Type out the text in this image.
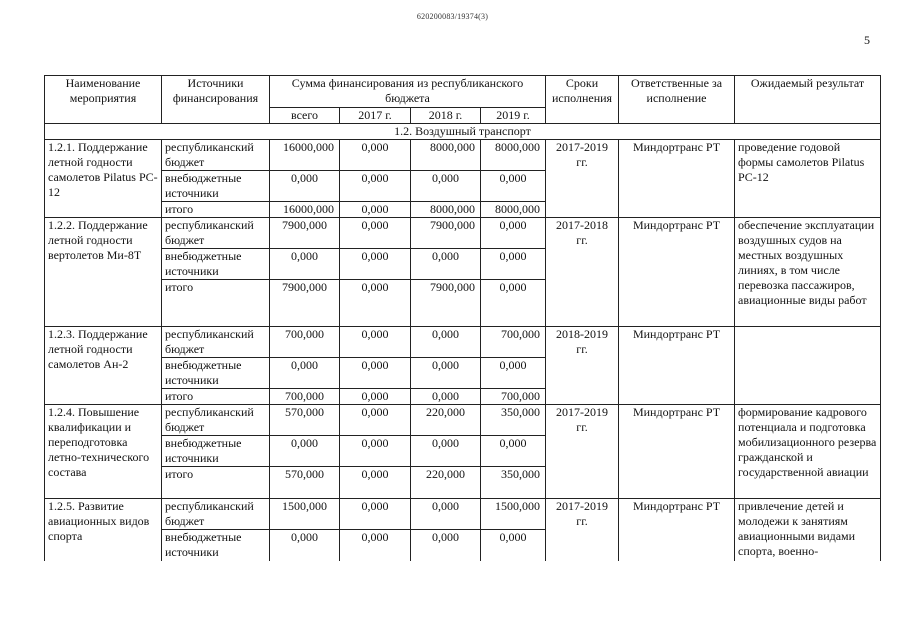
620200083/19374(3)
5
Наименование мероприятия	Источники финансирования	Сумма финансирования из республиканского бюджета				Сроки исполнения	Ответственные за исполнение	Ожидаемый результат
		всего	2017 г.	2018 г.	2019 г.			
1.2. Воздушный транспорт								
1.2.1. Поддержание летной годности самолетов Pilatus PC-12	республиканский бюджет	16000,000	0,000	8000,000	8000,000	2017-2019 гг.	Миндортранс РТ	проведение годовой формы самолетов Pilatus PC-12
	внебюджетные источники	0,000	0,000	0,000	0,000			
	итого	16000,000	0,000	8000,000	8000,000			
1.2.2. Поддержание летной годности вертолетов Ми-8Т	республиканский бюджет	7900,000	0,000	7900,000	0,000	2017-2018 гг.	Миндортранс РТ	обеспечение эксплуатации воздушных судов на местных воздушных линиях, в том числе перевозка пассажиров, авиационные виды работ
	внебюджетные источники	0,000	0,000	0,000	0,000			
	итого	7900,000	0,000	7900,000	0,000			
1.2.3. Поддержание летной годности самолетов Ан-2	республиканский бюджет	700,000	0,000	0,000	700,000	2018-2019 гг.	Миндортранс РТ	
	внебюджетные источники	0,000	0,000	0,000	0,000			
	итого	700,000	0,000	0,000	700,000			
1.2.4. Повышение квалификации и переподготовка летно-технического состава	республиканский бюджет	570,000	0,000	220,000	350,000	2017-2019 гг.	Миндортранс РТ	формирование кадрового потенциала и подготовка мобилизационного резерва гражданской и государственной авиации
	внебюджетные источники	0,000	0,000	0,000	0,000			
	итого	570,000	0,000	220,000	350,000			
1.2.5. Развитие авиационных видов спорта	республиканский бюджет	1500,000	0,000	0,000	1500,000	2017-2019 гг.	Миндортранс РТ	привлечение детей и молодежи к занятиям авиационными видами спорта, военно-
	внебюджетные источники	0,000	0,000	0,000	0,000			
